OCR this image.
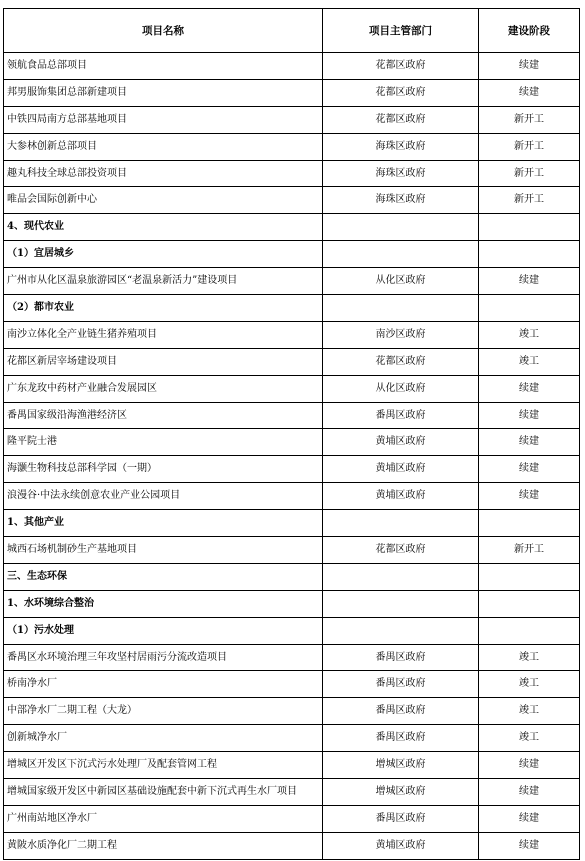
项目名称	项目主管部门	建设阶段
领航食品总部项目	花都区政府	续建
邦男服饰集团总部新建项目	花都区政府	续建
中铁四局南方总部基地项目	花都区政府	新开工
大参林创新总部项目	海珠区政府	新开工
趣丸科技全球总部投资项目	海珠区政府	新开工
唯品会国际创新中心	海珠区政府	新开工
4、现代农业		
（1）宜居城乡		
广州市从化区温泉旅游园区“老温泉新活力”建设项目	从化区政府	续建
（2）都市农业		
南沙立体化全产业链生猪养殖项目	南沙区政府	竣工
花都区新居宰场建设项目	花都区政府	竣工
广东龙玫中药材产业融合发展园区	从化区政府	续建
番禺国家级沿海渔港经济区	番禺区政府	续建
隆平院士港	黄埔区政府	续建
海灏生物科技总部科学园（一期）	黄埔区政府	续建
浪漫谷·中法永续创意农业产业公园项目	黄埔区政府	续建
1、其他产业		
城西石场机制砂生产基地项目	花都区政府	新开工
三、生态环保		
1、水环境综合整治		
（1）污水处理		
番禺区水环境治理三年攻坚村居雨污分流改造项目	番禺区政府	竣工
桥南净水厂	番禺区政府	竣工
中部净水厂二期工程（大龙）	番禺区政府	竣工
创新城净水厂	番禺区政府	竣工
增城区开发区下沉式污水处理厂及配套管网工程	增城区政府	续建
增城国家级开发区中新园区基础设施配套中新下沉式再生水厂项目	增城区政府	续建
广州南站地区净水厂	番禺区政府	续建
黄陂水质净化厂二期工程	黄埔区政府	续建
